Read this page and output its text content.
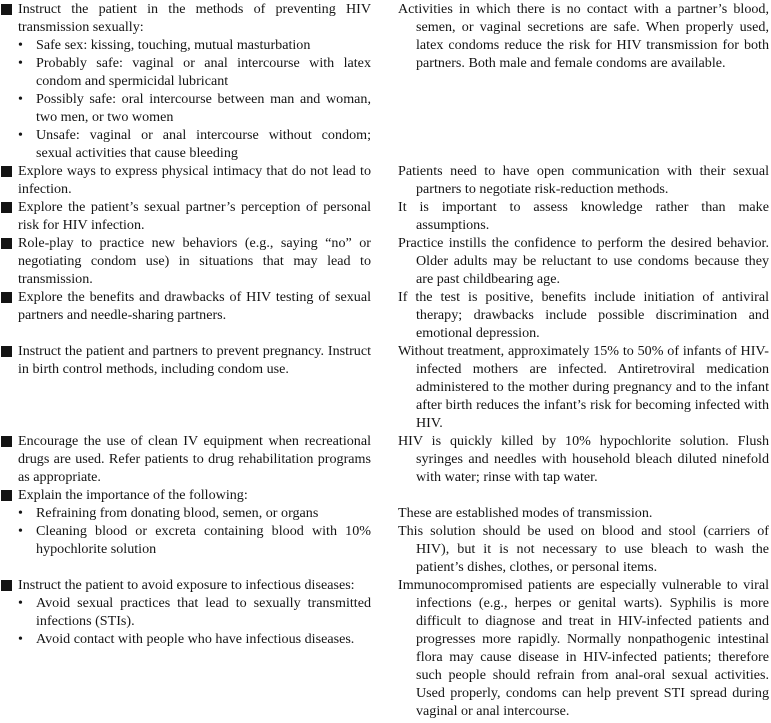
Instruct the patient in the methods of preventing HIV transmission sexually:
• Safe sex: kissing, touching, mutual masturbation
• Probably safe: vaginal or anal intercourse with latex condom and spermicidal lubricant
• Possibly safe: oral intercourse between man and woman, two men, or two women
• Unsafe: vaginal or anal intercourse without condom; sexual activities that cause bleeding
Activities in which there is no contact with a partner’s blood, semen, or vaginal secretions are safe. When properly used, latex condoms reduce the risk for HIV transmission for both partners. Both male and female condoms are available.
Explore ways to express physical intimacy that do not lead to infection.
Patients need to have open communication with their sexual partners to negotiate risk-reduction methods.
Explore the patient’s sexual partner’s perception of personal risk for HIV infection.
It is important to assess knowledge rather than make assumptions.
Role-play to practice new behaviors (e.g., saying “no” or negotiating condom use) in situations that may lead to transmission.
Practice instills the confidence to perform the desired behavior. Older adults may be reluctant to use condoms because they are past childbearing age.
Explore the benefits and drawbacks of HIV testing of sexual partners and needle-sharing partners.
If the test is positive, benefits include initiation of antiviral therapy; drawbacks include possible discrimination and emotional depression.
Instruct the patient and partners to prevent pregnancy. Instruct in birth control methods, including condom use.
Without treatment, approximately 15% to 50% of infants of HIV-infected mothers are infected. Antiretroviral medication administered to the mother during pregnancy and to the infant after birth reduces the infant’s risk for becoming infected with HIV.
Encourage the use of clean IV equipment when recreational drugs are used. Refer patients to drug rehabilitation programs as appropriate.
HIV is quickly killed by 10% hypochlorite solution. Flush syringes and needles with household bleach diluted ninefold with water; rinse with tap water.
Explain the importance of the following:
• Refraining from donating blood, semen, or organs
• Cleaning blood or excreta containing blood with 10% hypochlorite solution
These are established modes of transmission.
This solution should be used on blood and stool (carriers of HIV), but it is not necessary to use bleach to wash the patient’s dishes, clothes, or personal items.
Instruct the patient to avoid exposure to infectious diseases:
• Avoid sexual practices that lead to sexually transmitted infections (STIs).
• Avoid contact with people who have infectious diseases.
Immunocompromised patients are especially vulnerable to viral infections (e.g., herpes or genital warts). Syphilis is more difficult to diagnose and treat in HIV-infected patients and progresses more rapidly. Normally nonpathogenic intestinal flora may cause disease in HIV-infected patients; therefore such people should refrain from anal-oral sexual activities. Used properly, condoms can help prevent STI spread during vaginal or anal intercourse.
